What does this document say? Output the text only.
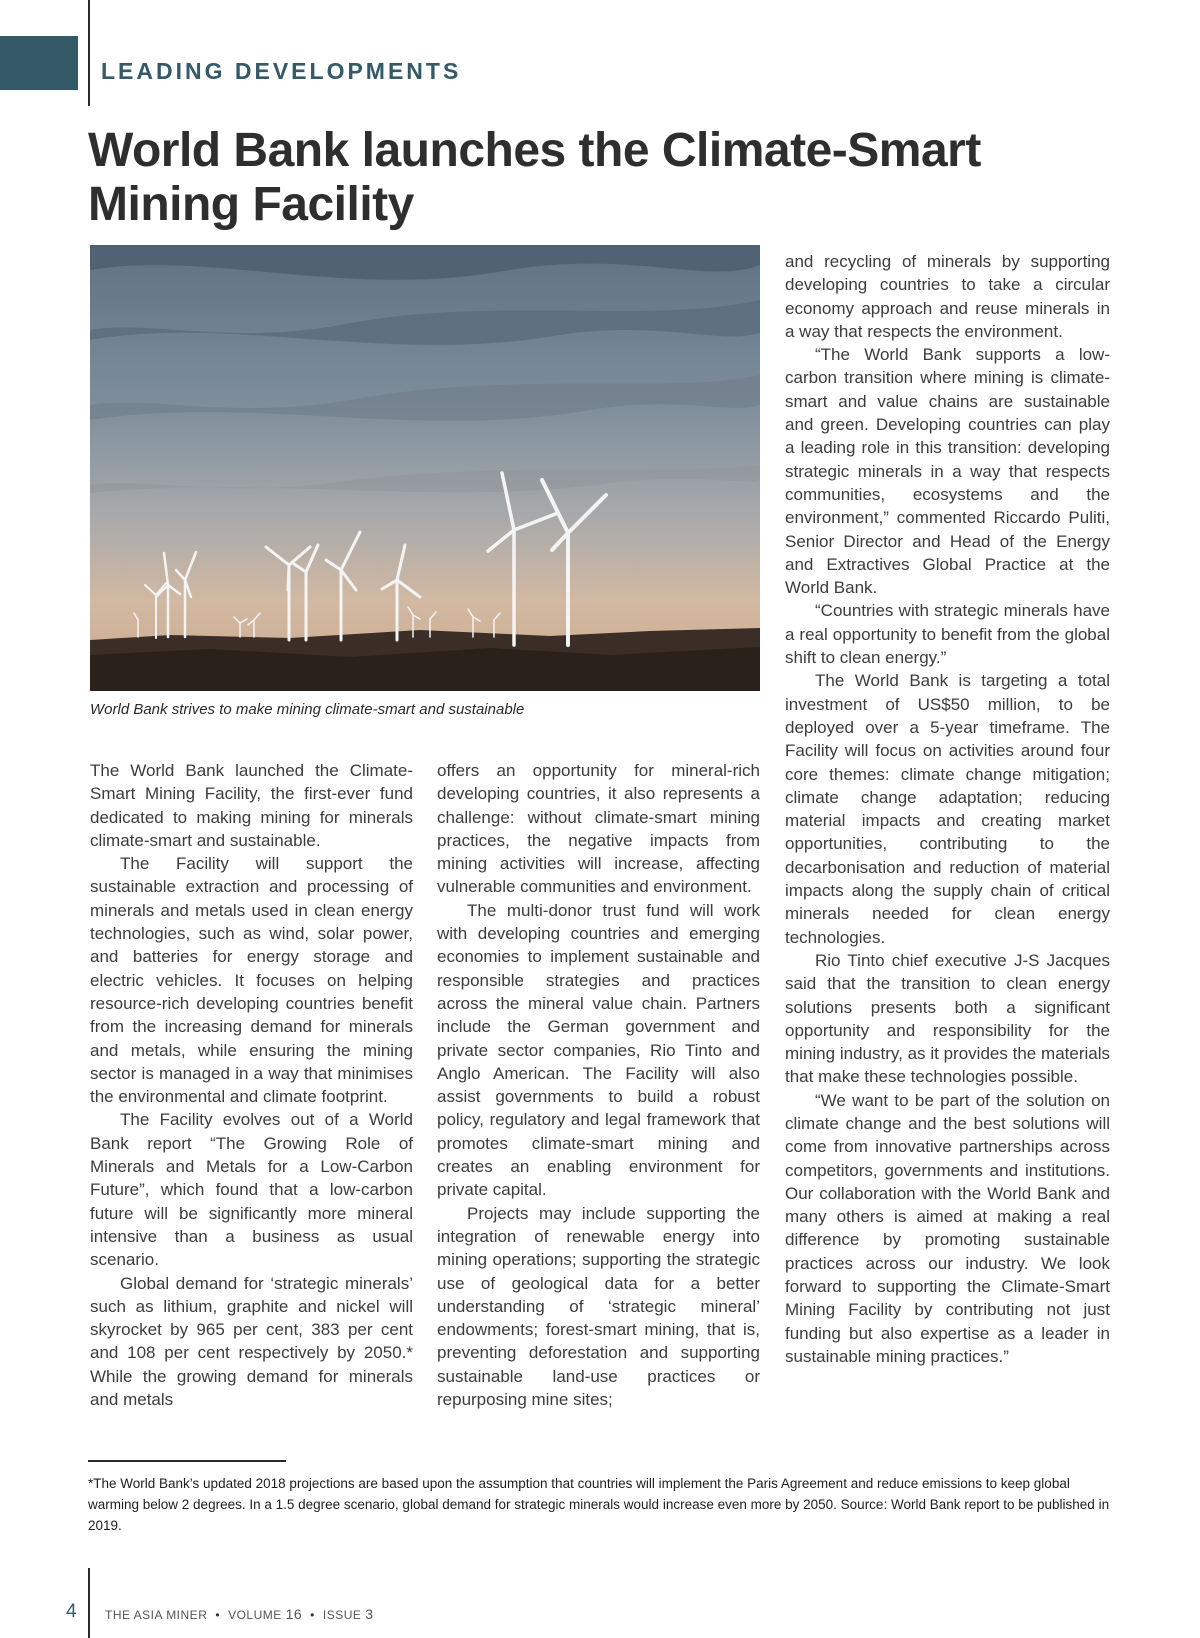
LEADING DEVELOPMENTS
World Bank launches the Climate-Smart Mining Facility
World Bank strives to make mining climate-smart and sustainable

The World Bank launched the Climate-Smart Mining Facility, the first-ever fund dedicated to making mining for minerals climate-smart and sustainable.

The Facility will support the sustainable extraction and processing of minerals and metals used in clean energy technologies, such as wind, solar power, and batteries for energy storage and electric vehicles. It focuses on helping resource-rich developing countries benefit from the increasing demand for minerals and metals, while ensuring the mining sector is managed in a way that minimises the environmental and climate footprint.

The Facility evolves out of a World Bank report “The Growing Role of Minerals and Metals for a Low-Carbon Future”, which found that a low-carbon future will be significantly more mineral intensive than a business as usual scenario.

Global demand for ‘strategic minerals’ such as lithium, graphite and nickel will skyrocket by 965 per cent, 383 per cent and 108 per cent respectively by 2050.* While the growing demand for minerals and metals

offers an opportunity for mineral-rich developing countries, it also represents a challenge: without climate-smart mining practices, the negative impacts from mining activities will increase, affecting vulnerable communities and environment.

The multi-donor trust fund will work with developing countries and emerging economies to implement sustainable and responsible strategies and practices across the mineral value chain. Partners include the German government and private sector companies, Rio Tinto and Anglo American. The Facility will also assist governments to build a robust policy, regulatory and legal framework that promotes climate-smart mining and creates an enabling environment for private capital.

Projects may include supporting the integration of renewable energy into mining operations; supporting the strategic use of geological data for a better understanding of ‘strategic mineral’ endowments; forest-smart mining, that is, preventing deforestation and supporting sustainable land-use practices or repurposing mine sites;

and recycling of minerals by supporting developing countries to take a circular economy approach and reuse minerals in a way that respects the environment.

“The World Bank supports a low-carbon transition where mining is climate-smart and value chains are sustainable and green. Developing countries can play a leading role in this transition: developing strategic minerals in a way that respects communities, ecosystems and the environment,” commented Riccardo Puliti, Senior Director and Head of the Energy and Extractives Global Practice at the World Bank.

“Countries with strategic minerals have a real opportunity to benefit from the global shift to clean energy.”

The World Bank is targeting a total investment of US$50 million, to be deployed over a 5-year timeframe. The Facility will focus on activities around four core themes: climate change mitigation; climate change adaptation; reducing material impacts and creating market opportunities, contributing to the decarbonisation and reduction of material impacts along the supply chain of critical minerals needed for clean energy technologies.

Rio Tinto chief executive J-S Jacques said that the transition to clean energy solutions presents both a significant opportunity and responsibility for the mining industry, as it provides the materials that make these technologies possible.

“We want to be part of the solution on climate change and the best solutions will come from innovative partnerships across competitors, governments and institutions. Our collaboration with the World Bank and many others is aimed at making a real difference by promoting sustainable practices across our industry. We look forward to supporting the Climate-Smart Mining Facility by contributing not just funding but also expertise as a leader in sustainable mining practices.”

*The World Bank’s updated 2018 projections are based upon the assumption that countries will implement the Paris Agreement and reduce emissions to keep global warming below 2 degrees. In a 1.5 degree scenario, global demand for strategic minerals would increase even more by 2050. Source: World Bank report to be published in 2019.
4 THE ASIA MINER • VOLUME 16 • ISSUE 3
